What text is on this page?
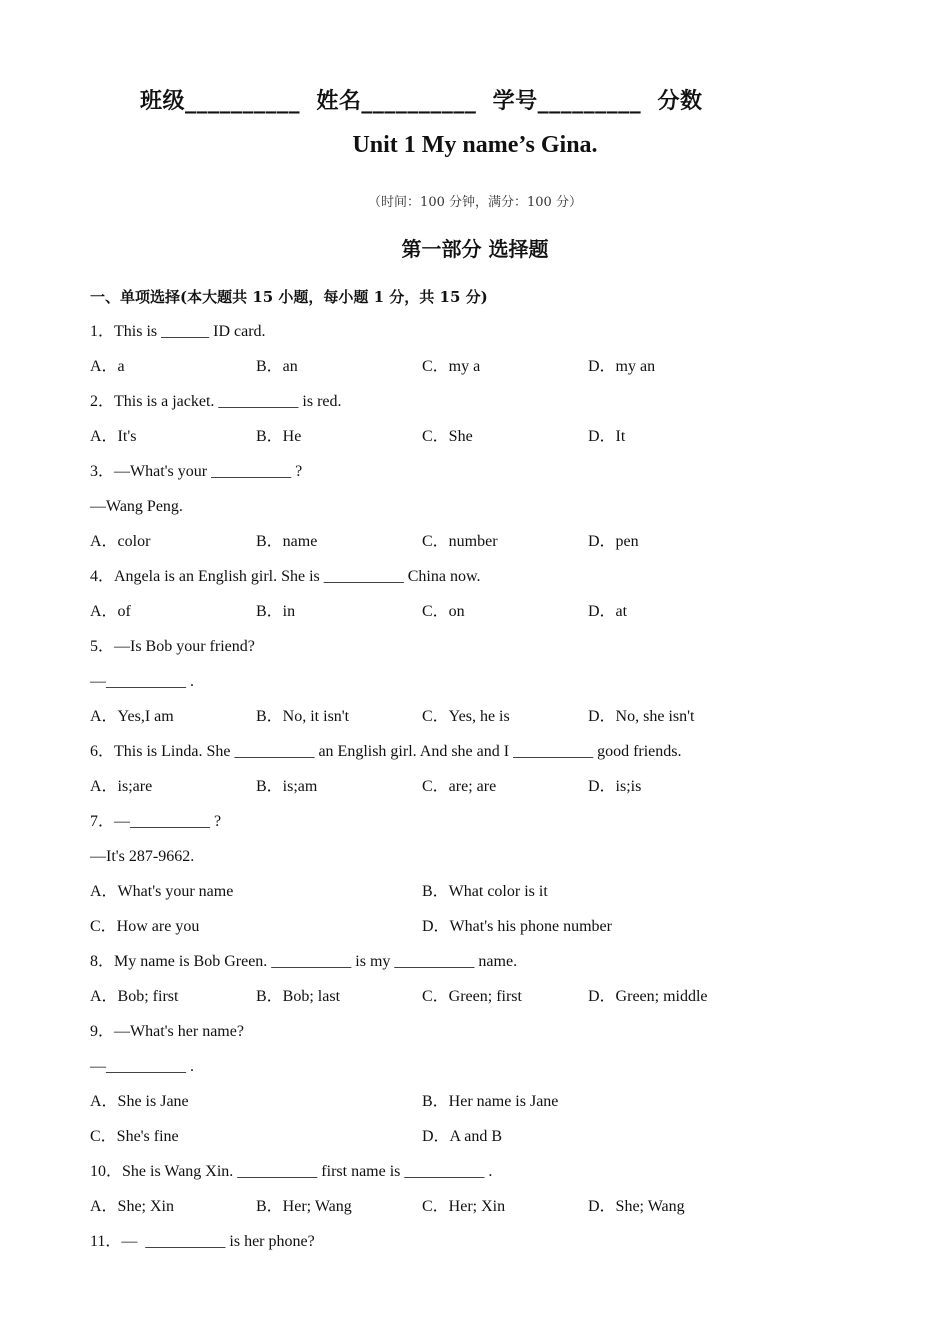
班级__________  姓名__________  学号_________  分数
Unit 1 My name’s Gina.
（时间：100 分钟，满分：100 分）
第一部分 选择题
一、单项选择(本大题共 15 小题，每小题 1 分，共 15 分)
1．This is ______ ID card.
A．a	B．an	C．my a	D．my an
2．This is a jacket. __________ is red.
A．It's	B．He	C．She	D．It
3．—What's your __________ ?
—Wang Peng.
A．color	B．name	C．number	D．pen
4．Angela is an English girl. She is __________ China now.
A．of	B．in	C．on	D．at
5．—Is Bob your friend?
—__________ .
A．Yes,I am	B．No, it isn't	C．Yes, he is	D．No, she isn't
6．This is Linda. She __________ an English girl. And she and I __________ good friends.
A．is;are	B．is;am	C．are; are	D．is;is
7．—__________ ?
—It's 287-9662.
A．What's your name	B．What color is it
C．How are you	D．What's his phone number
8．My name is Bob Green. __________ is my __________ name.
A．Bob; first	B．Bob; last	C．Green; first	D．Green; middle
9．—What's her name?
—__________ .
A．She is Jane	B．Her name is Jane
C．She's fine	D．A and B
10．She is Wang Xin. __________ first name is __________ .
A．She; Xin	B．Her; Wang	C．Her; Xin	D．She; Wang
11．—  __________ is her phone?
